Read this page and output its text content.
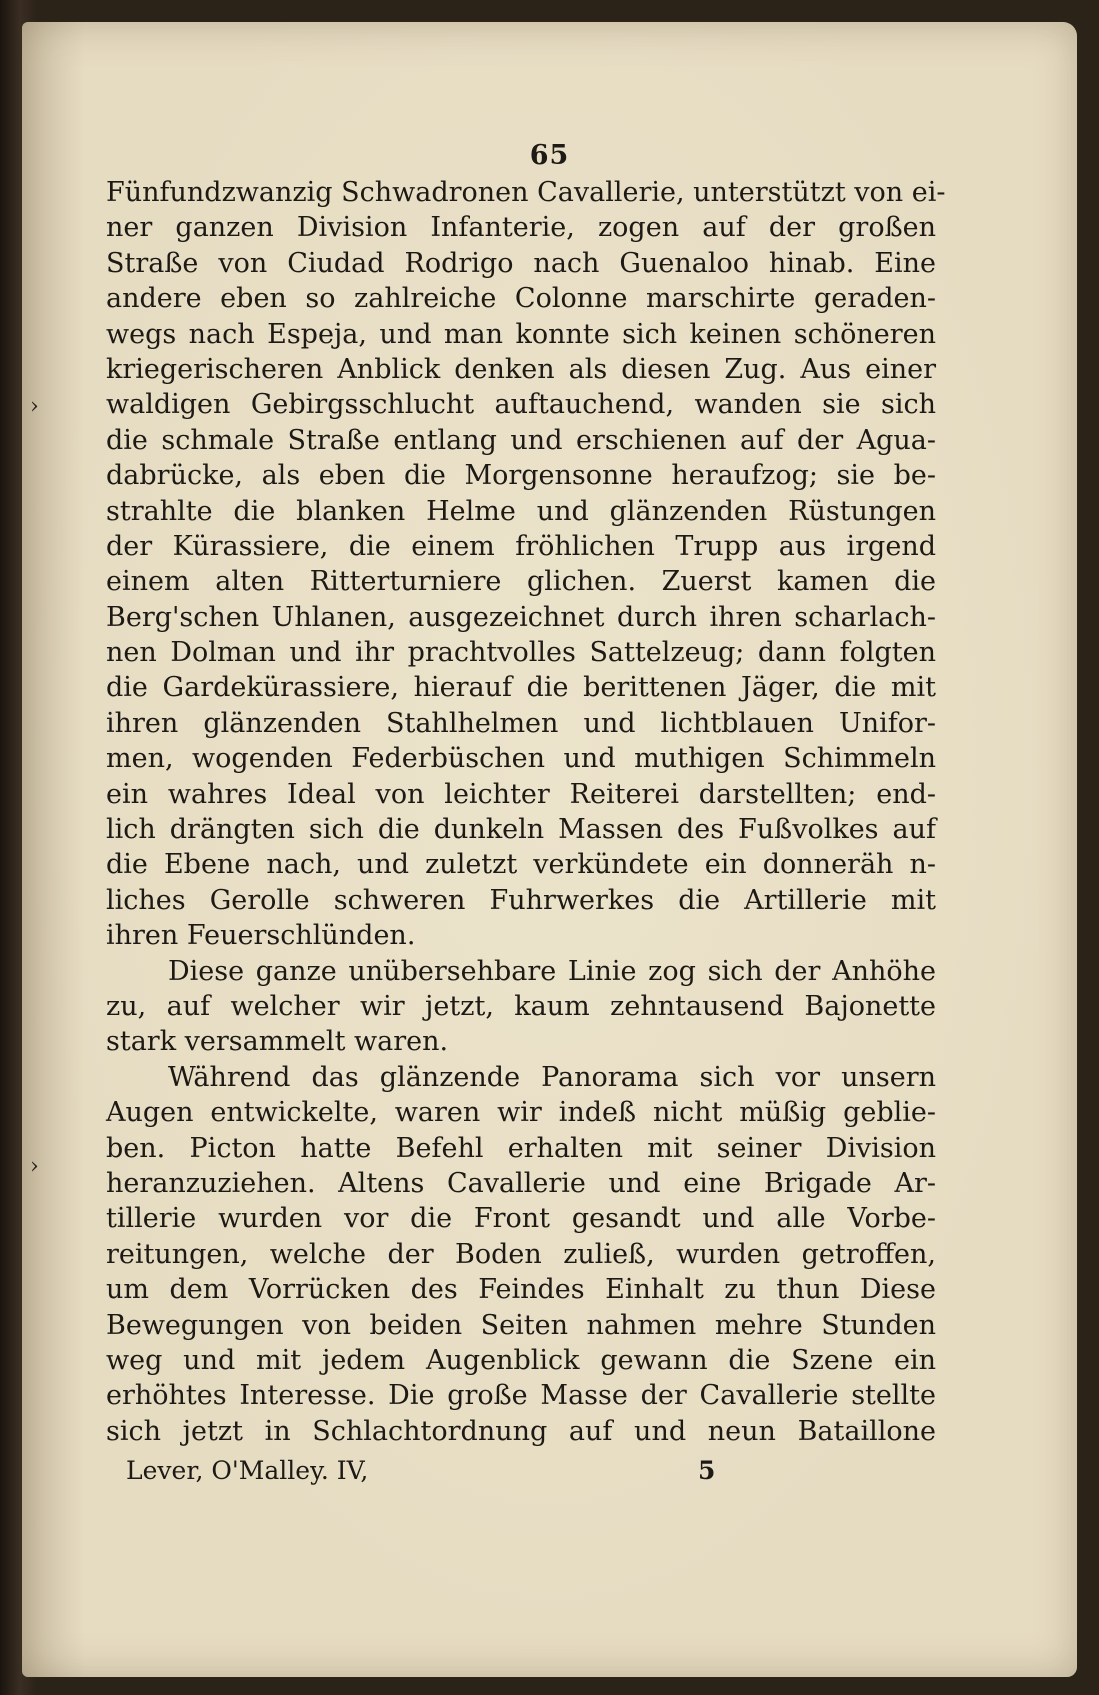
65
Fünfundzwanzig Schwadronen Cavallerie, unterstützt von ei-
ner ganzen Division Infanterie, zogen auf der großen
Straße von Ciudad Rodrigo nach Guenaloo hinab. Eine
andere eben so zahlreiche Colonne marschirte geraden-
wegs nach Espeja, und man konnte sich keinen schöneren
kriegerischeren Anblick denken als diesen Zug. Aus einer
waldigen Gebirgsschlucht auftauchend, wanden sie sich
die schmale Straße entlang und erschienen auf der Agua-
dabrücke, als eben die Morgensonne heraufzog; sie be-
strahlte die blanken Helme und glänzenden Rüstungen
der Kürassiere, die einem fröhlichen Trupp aus irgend
einem alten Ritterturniere glichen. Zuerst kamen die
Berg'schen Uhlanen, ausgezeichnet durch ihren scharlach-
nen Dolman und ihr prachtvolles Sattelzeug; dann folgten
die Gardekürassiere, hierauf die berittenen Jäger, die mit
ihren glänzenden Stahlhelmen und lichtblauen Unifor-
men, wogenden Federbüschen und muthigen Schimmeln
ein wahres Ideal von leichter Reiterei darstellten; end-
lich drängten sich die dunkeln Massen des Fußvolkes auf
die Ebene nach, und zuletzt verkündete ein donneräh n-
liches Gerolle schweren Fuhrwerkes die Artillerie mit
ihren Feuerschlünden.
Diese ganze unübersehbare Linie zog sich der Anhöhe
zu, auf welcher wir jetzt, kaum zehntausend Bajonette
stark versammelt waren.
Während das glänzende Panorama sich vor unsern
Augen entwickelte, waren wir indeß nicht müßig geblie-
ben. Picton hatte Befehl erhalten mit seiner Division
heranzuziehen. Altens Cavallerie und eine Brigade Ar-
tillerie wurden vor die Front gesandt und alle Vorbe-
reitungen, welche der Boden zuließ, wurden getroffen,
um dem Vorrücken des Feindes Einhalt zu thun Diese
Bewegungen von beiden Seiten nahmen mehre Stunden
weg und mit jedem Augenblick gewann die Szene ein
erhöhtes Interesse. Die große Masse der Cavallerie stellte
sich jetzt in Schlachtordnung auf und neun Bataillone
Lever, O'Malley. IV,	5
›
›
